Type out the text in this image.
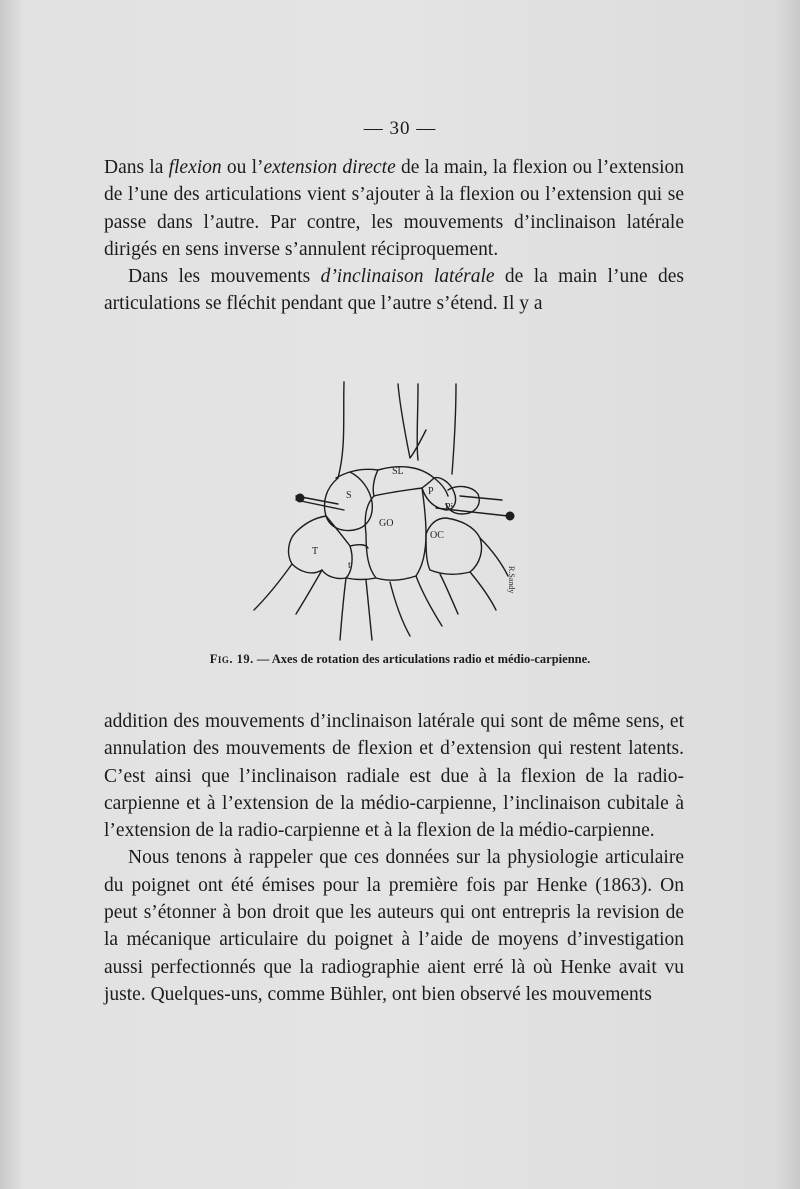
— 30 —

Dans la flexion ou l’extension directe de la main, la flexion ou l’extension de l’une des articulations vient s’ajouter à la flexion ou l’extension qui se passe dans l’autre. Par contre, les mouvements d’inclinaison latérale dirigés en sens inverse s’annulent réciproquement.

Dans les mouvements d’inclinaison latérale de la main l’une des articulations se fléchit pendant que l’autre s’étend. Il y a

SL
S	P
Pi
GO
OC
T
t
R.Sandy
Fig. 19. — Axes de rotation des articulations radio et médio-carpienne.

addition des mouvements d’inclinaison latérale qui sont de même sens, et annulation des mouvements de flexion et d’extension qui restent latents. C’est ainsi que l’inclinaison radiale est due à la flexion de la radio-carpienne et à l’extension de la médio-carpienne, l’inclinaison cubitale à l’extension de la radio-carpienne et à la flexion de la médio-carpienne.

Nous tenons à rappeler que ces données sur la physiologie articulaire du poignet ont été émises pour la première fois par Henke (1863). On peut s’étonner à bon droit que les auteurs qui ont entrepris la revision de la mécanique articulaire du poignet à l’aide de moyens d’investigation aussi perfectionnés que la radiographie aient erré là où Henke avait vu juste. Quelques-uns, comme Bühler, ont bien observé les mouvements
